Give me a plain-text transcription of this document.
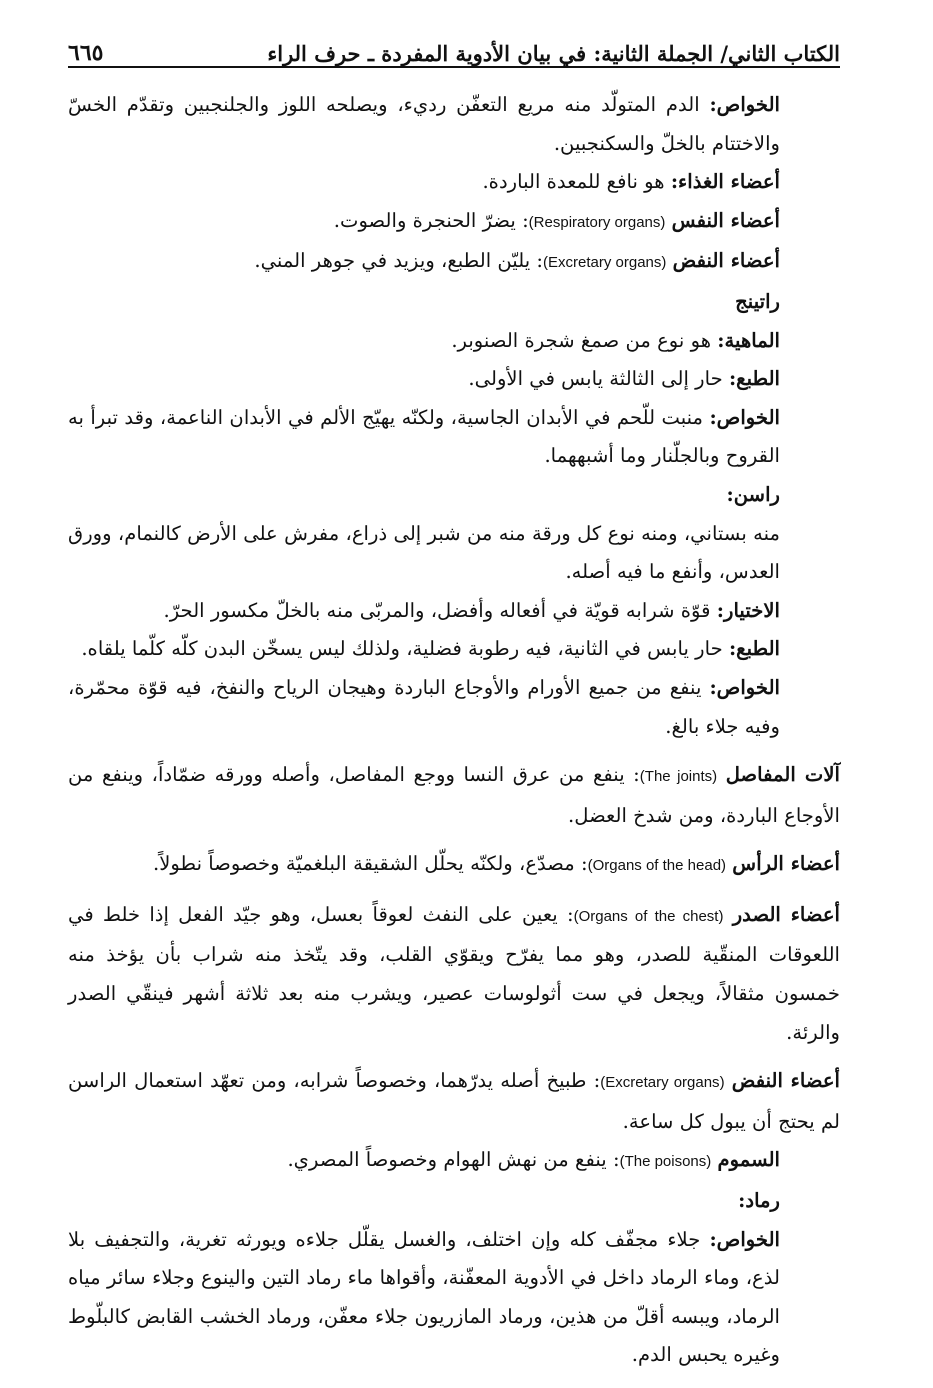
الكتاب الثاني/ الجملة الثانية: في بيان الأدوية المفردة ـ حرف الراء
٦٦٥

الخواص: الدم المتولّد منه مريع التعفّن رديء، ويصلحه اللوز والجلنجبين وتقدّم الخسّ والاختتام بالخلّ والسكنجبين.

أعضاء الغذاء: هو نافع للمعدة الباردة.

أعضاء النفس (Respiratory organs): يضرّ الحنجرة والصوت.

أعضاء النفض (Excretary organs): يليّن الطبع، ويزيد في جوهر المني.

راتينج

الماهية: هو نوع من صمغ شجرة الصنوبر.

الطبع: حار إلى الثالثة يابس في الأولى.

الخواص: منبت للّحم في الأبدان الجاسية، ولكنّه يهيّج الألم في الأبدان الناعمة، وقد تبرأ به القروح وبالجلّنار وما أشبههما.

راسن:

منه بستاني، ومنه نوع كل ورقة منه من شبر إلى ذراع، مفرش على الأرض كالنمام، وورق العدس، وأنفع ما فيه أصله.

الاختيار: قوّة شرابه قويّة في أفعاله وأفضل، والمربّى منه بالخلّ مكسور الحرّ.

الطبع: حار يابس في الثانية، فيه رطوبة فضلية، ولذلك ليس يسخّن البدن كلّه كلّما يلقاه.

الخواص: ينفع من جميع الأورام والأوجاع الباردة وهيجان الرياح والنفخ، فيه قوّة محمّرة، وفيه جلاء بالغ.

آلات المفاصل (The joints): ينفع من عرق النسا ووجع المفاصل، وأصله وورقه ضمّاداً، وينفع من الأوجاع الباردة، ومن شدخ العضل.

أعضاء الرأس (Organs of the head): مصدّع، ولكنّه يحلّل الشقيقة البلغميّة وخصوصاً نطولاً.

أعضاء الصدر (Organs of the chest): يعين على النفث لعوقاً بعسل، وهو جيّد الفعل إذا خلط في اللعوقات المنقّية للصدر، وهو مما يفرّح ويقوّي القلب، وقد يتّخذ منه شراب بأن يؤخذ منه خمسون مثقالاً، ويجعل في ست أثولوسات عصير، ويشرب منه بعد ثلاثة أشهر فينقّي الصدر والرئة.

أعضاء النفض (Excretary organs): طبيخ أصله يدرّهما، وخصوصاً شرابه، ومن تعهّد استعمال الراسن لم يحتج أن يبول كل ساعة.

السموم (The poisons): ينفع من نهش الهوام وخصوصاً المصري.

رماد:

الخواص: جلاء مجفّف كله وإن اختلف، والغسل يقلّل جلاءه ويورثه تغرية، والتجفيف بلا لذع، وماء الرماد داخل في الأدوية المعفّنة، وأقواها ماء رماد التين والينوع وجلاء سائر مياه الرماد، ويبسه أقلّ من هذين، ورماد المازريون جلاء معفّن، ورماد الخشب القابض كالبلّوط وغيره يحبس الدم.
